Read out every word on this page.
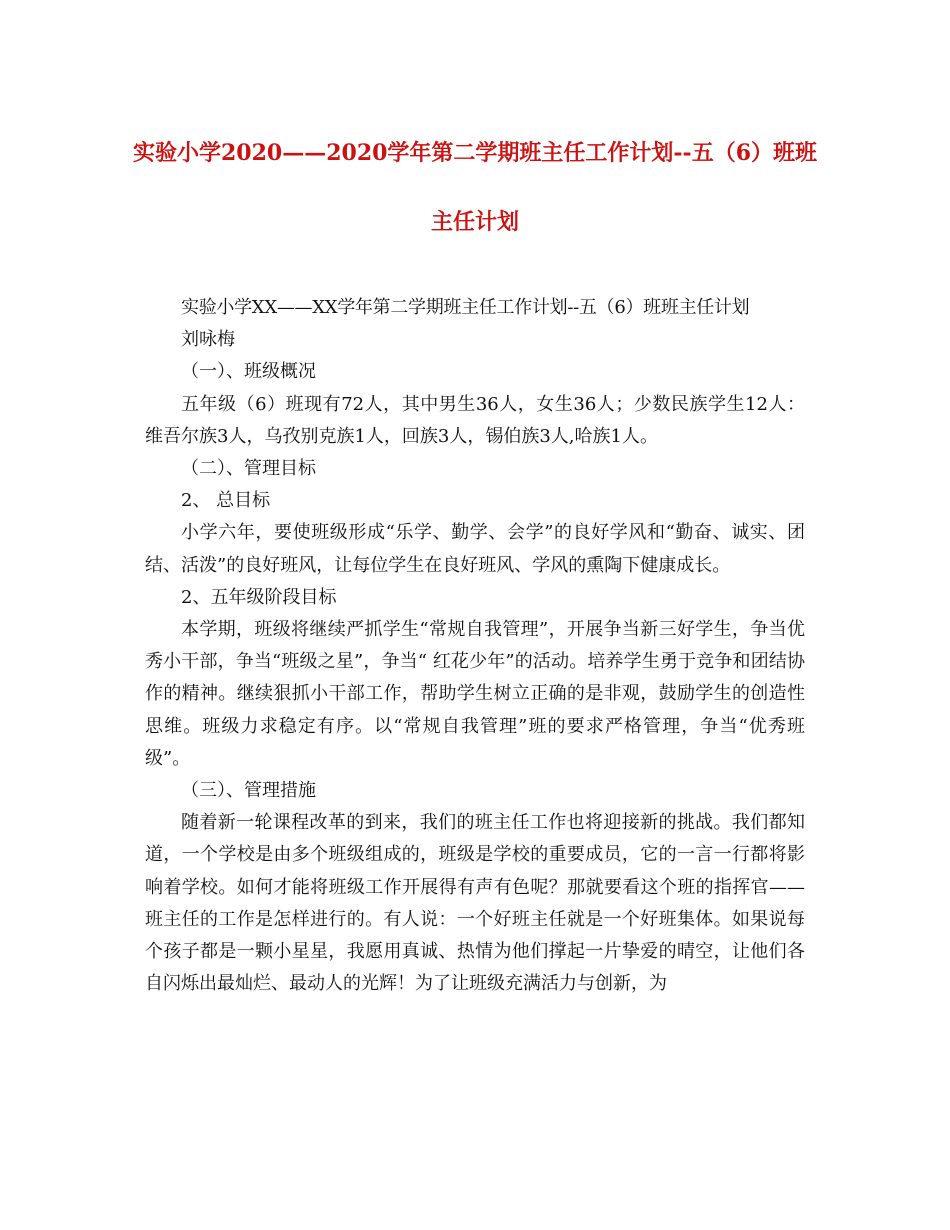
实验小学2020——2020学年第二学期班主任工作计划--五（6）班班
主任计划

实验小学XX——XX学年第二学期班主任工作计划--五（6）班班主任计划

刘咏梅

（一）、班级概况

五年级（6）班现有72人，其中男生36人，女生36人；少数民族学生12人：维吾尔族3人，乌孜别克族1人，回族3人，锡伯族3人,哈族1人。

（二）、管理目标

2、 总目标

小学六年，要使班级形成“乐学、勤学、会学”的良好学风和“勤奋、诚实、团结、活泼”的良好班风，让每位学生在良好班风、学风的熏陶下健康成长。

2、五年级阶段目标

本学期，班级将继续严抓学生“常规自我管理”，开展争当新三好学生，争当优秀小干部，争当“班级之星”，争当“ 红花少年”的活动。培养学生勇于竞争和团结协作的精神。继续狠抓小干部工作，帮助学生树立正确的是非观，鼓励学生的创造性思维。班级力求稳定有序。以“常规自我管理”班的要求严格管理，争当“优秀班级”。

（三）、管理措施

随着新一轮课程改革的到来，我们的班主任工作也将迎接新的挑战。我们都知道，一个学校是由多个班级组成的，班级是学校的重要成员，它的一言一行都将影响着学校。如何才能将班级工作开展得有声有色呢？那就要看这个班的指挥官——班主任的工作是怎样进行的。有人说：一个好班主任就是一个好班集体。如果说每个孩子都是一颗小星星，我愿用真诚、热情为他们撑起一片挚爱的晴空，让他们各自闪烁出最灿烂、最动人的光辉！为了让班级充满活力与创新，为
